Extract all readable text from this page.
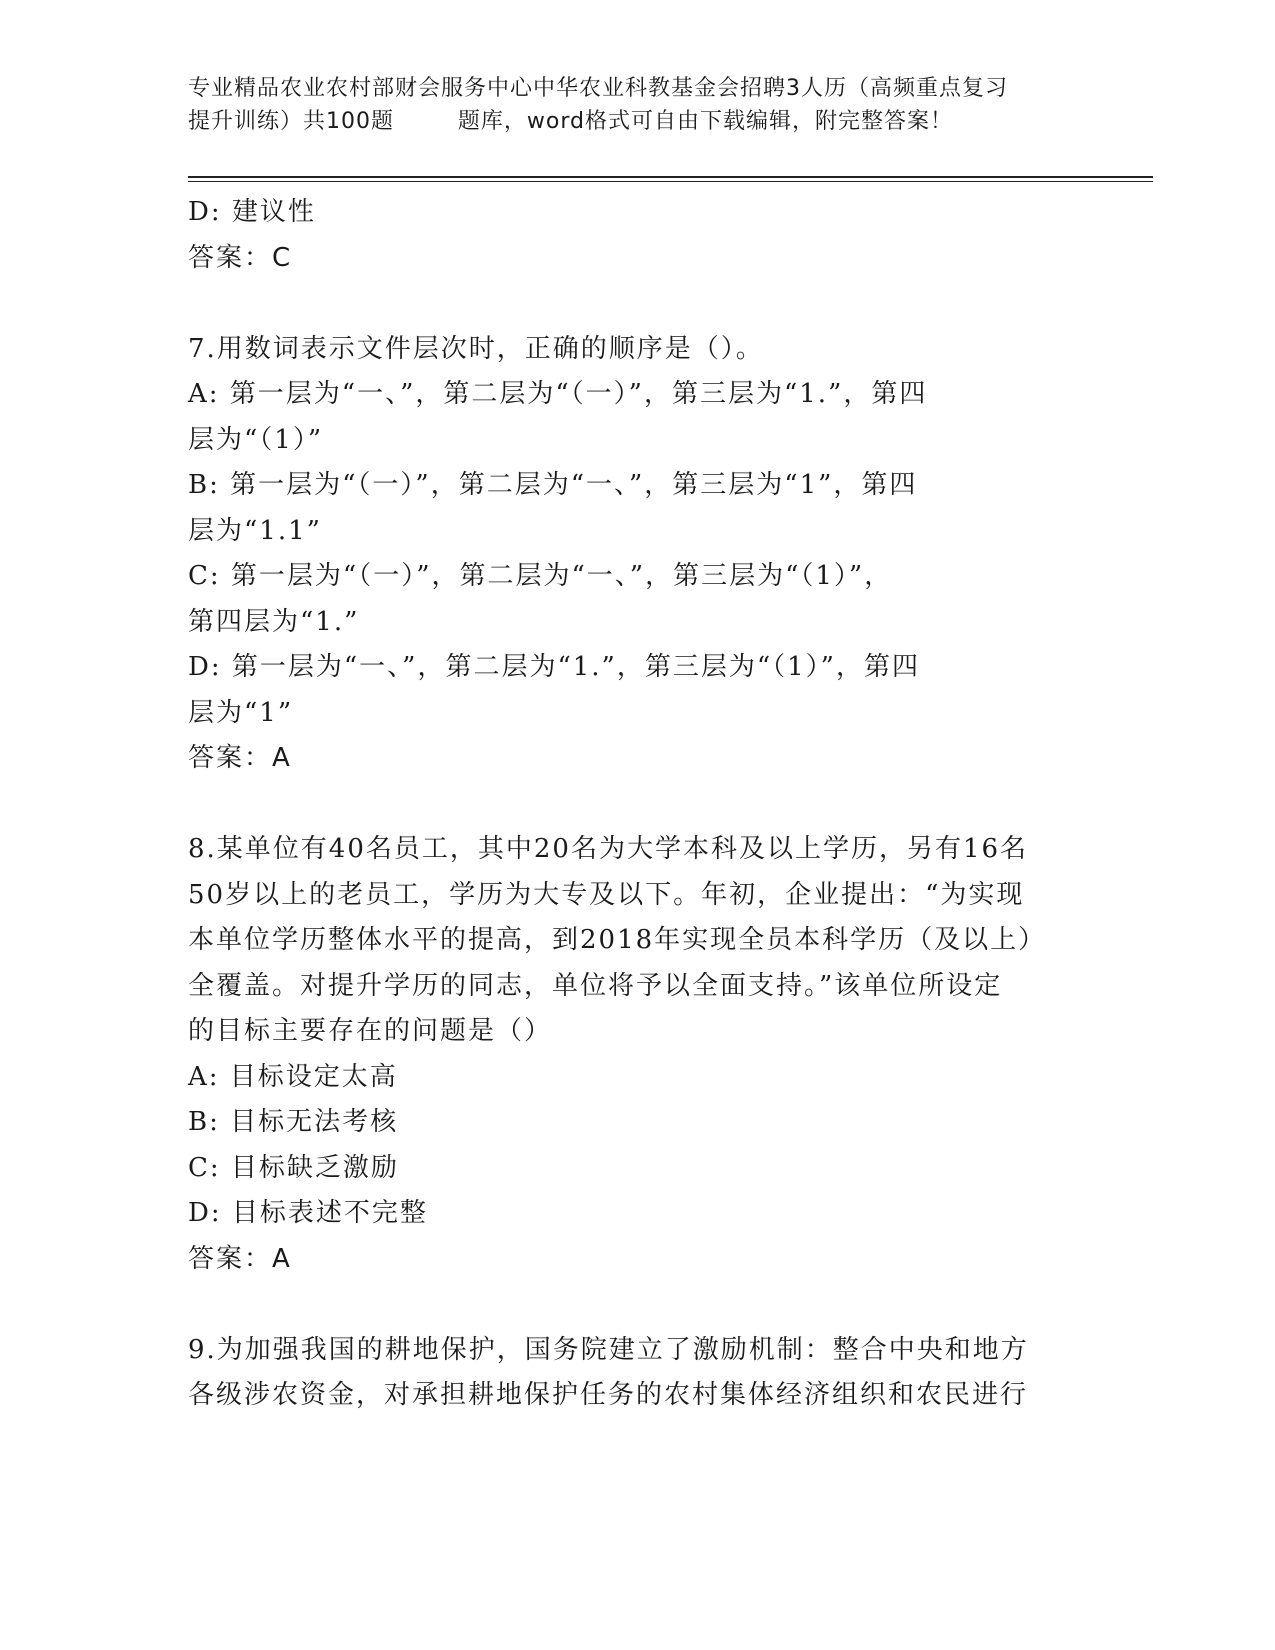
专业精品农业农村部财会服务中心中华农业科教基金会招聘3人历（高频重点复习
提升训练）共100题        题库，word格式可自由下载编辑，附完整答案！
D: 建议性
答案：C
7.用数词表示文件层次时，正确的顺序是（）。
A: 第一层为“一、”，第二层为“（一）”，第三层为“1.”，第四
层为“（1）”
B: 第一层为“（一）”，第二层为“一、”，第三层为“1”，第四
层为“1.1”
C: 第一层为“（一）”，第二层为“一、”，第三层为“（1）”，
第四层为“1.”
D: 第一层为“一、”，第二层为“1.”，第三层为“（1）”，第四
层为“1”
答案：A
8.某单位有40名员工，其中20名为大学本科及以上学历，另有16名
50岁以上的老员工，学历为大专及以下。年初，企业提出：“为实现
本单位学历整体水平的提高，到2018年实现全员本科学历（及以上）
全覆盖。对提升学历的同志，单位将予以全面支持。”该单位所设定
的目标主要存在的问题是（）
A: 目标设定太高
B: 目标无法考核
C: 目标缺乏激励
D: 目标表述不完整
答案：A
9.为加强我国的耕地保护，国务院建立了激励机制：整合中央和地方
各级涉农资金，对承担耕地保护任务的农村集体经济组织和农民进行
